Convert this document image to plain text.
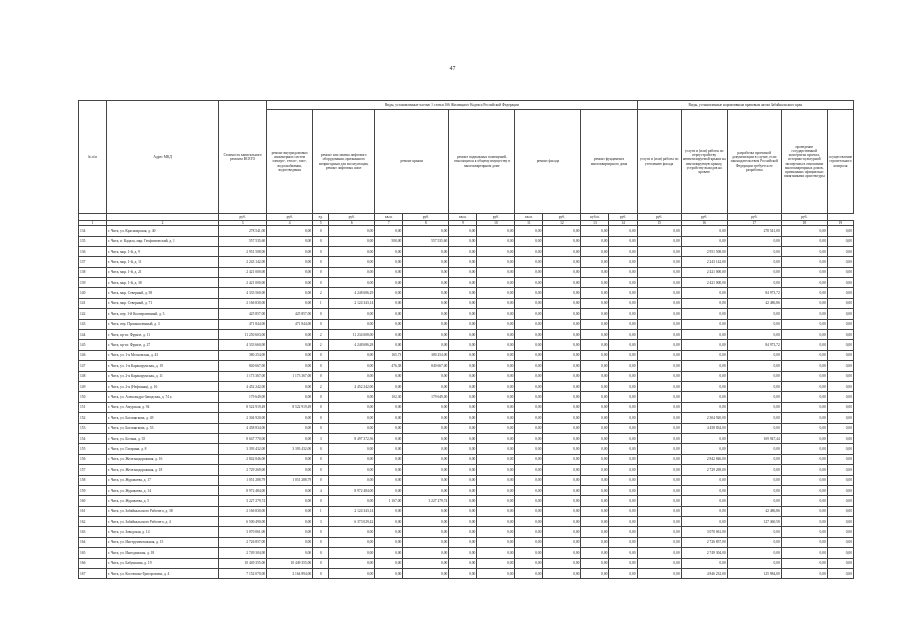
47
№ п/п	Адрес МКД	Стоимость капитального ремонта ВСЕГО	Виды, установленные частью 1 статьи 166 Жилищного Кодекса Российской Федерации											Виды, установленные нормативным правовым актом Забайкальского края				
			ремонт внутридомовых инженерных систем электро-, тепло-, газо-, водоснабжения, водоотведения	ремонт или замена лифтового оборудования, признанного непригодным для эксплуатации, ремонт лифтовых шахт		ремонт крыши		ремонт подвальных помещений, относящихся к общему имуществу в многоквартирном доме		ремонт фасада		ремонт фундамента многоквартирного дома		услуги и (или) работы по утеплению фасада	услуги и (или) работы по переустройству невентилируемой крыши на вентилируемую крышу, устройству выходов на кровлю	разработка проектной документации в случае, если законодательством Российской Федерации требуется ее разработка	проведение государственной экспертизы проекта, историко-культурной экспертизы в отношении многоквартирных домов, признанных официально памятниками архитектуры	осуществление строительного контроля
		руб.	руб.	ед.	руб.	кв.м.	руб.	кв.м.	руб.	кв.м.	руб.	куб.м.	руб.	руб.	руб.	руб.	руб.	
1	2	3	4	5	6	7	8	9	10	11	12	13	14	15	16	17	18	19
134	г. Чита, ул. Красноярская, д. 40	278 541,00	0,00	0	0,00	0,00	0,00	0,00	0,00	0,00	0,00	0,00	0,00	0,00	0,00	278 541,00	0,00	0,00
135	г. Чита, п. Кадала, мкр. Геофизический, д. 1	557 535,60	0,00	0	0,00	500,00	557 535,60	0,00	0,00	0,00	0,00	0,00	0,00	0,00	0,00	0,00	0,00	0,00
136	г. Чита, мкр. 1-й, д. 9	2 951 508,00	0,00	0	0,00	0,00	0,00	0,00	0,00	0,00	0,00	0,00	0,00	0,00	2 951 508,00	0,00	0,00	0,00
137	г. Чита, мкр. 1-й, д. 11	2 243 142,00	0,00	0	0,00	0,00	0,00	0,00	0,00	0,00	0,00	0,00	0,00	0,00	2 243 142,00	0,00	0,00	0,00
138	г. Чита, мкр. 1-й, д. 21	2 421 000,00	0,00	0	0,00	0,00	0,00	0,00	0,00	0,00	0,00	0,00	0,00	0,00	2 421 000,00	0,00	0,00	0,00
139	г. Чита, мкр. 1-й, д. 38	2 421 000,00	0,00	0	0,00	0,00	0,00	0,00	0,00	0,00	0,00	0,00	0,00	0,00	2 421 000,00	0,00	0,00	0,00
140	г. Чита, мкр. Северный, д. 58	4 333 560,00	0,00	2	4 248 686,29	0,00	0,00	0,00	0,00	0,00	0,00	0,00	0,00	0,00	0,00	84 973,72	0,00	0,00
141	г. Чита, мкр. Северный, д. 71	2 166 830,00	0,00	1	2 124 343,14	0,00	0,00	0,00	0,00	0,00	0,00	0,00	0,00	0,00	0,00	42 486,86	0,00	0,00
142	г. Чита, пер. 1-й Кооперативный, д. 3	425 857,00	425 857,00	0	0,00	0,00	0,00	0,00	0,00	0,00	0,00	0,00	0,00	0,00	0,00	0,00	0,00	0,00
143	г. Чита, пер. Промышленный, д. 3	471 844,00	471 844,00	0	0,00	0,00	0,00	0,00	0,00	0,00	0,00	0,00	0,00	0,00	0,00	0,00	0,00	0,00
144	г. Чита, пр-кт. Фрунзе, д. 11	11 250 603,00	0,00	2	11 234 608,00	0,00	0,00	0,00	0,00	0,00	0,00	0,00	0,00	0,00	0,00	0,00	0,00	0,00
145	г. Чита, пр-кт. Фрунзе, д. 27	4 333 660,00	0,00	2	4 248 686,28	0,00	0,00	0,00	0,00	0,00	0,00	0,00	0,00	0,00	0,00	84 973,72	0,00	0,00
146	г. Чита, ул. 1-я Московская, д. 43	380 254,00	0,00	0	0,00	165,73	380 254,00	0,00	0,00	0,00	0,00	0,00	0,00	0,00	0,00	0,00	0,00	0,00
147	г. Чита, ул. 1-я Каракорумская, д. 19	840 667,00	0,00	0	0,00	476,38	840 667,00	0,00	0,00	0,00	0,00	0,00	0,00	0,00	0,00	0,00	0,00	0,00
148	г. Чита, ул. 2-я Каракорумская, д. 11	1 173 367,00	1 173 367,00	0	0,00	0,00	0,00	0,00	0,00	0,00	0,00	0,00	0,00	0,00	0,00	0,00	0,00	0,00
149	г. Чита, ул. 2-я (Нефтяная), д. 16	4 452 242,00	0,00	2	4 452 242,00	0,00	0,00	0,00	0,00	0,00	0,00	0,00	0,00	0,00	0,00	0,00	0,00	0,00
150	г. Чита, ул. Александро-Заводская, д. 74 а	179 649,00	0,00	0	0,00	102,30	179 649,00	0,00	0,00	0,00	0,00	0,00	0,00	0,00	0,00	0,00	0,00	0,00
151	г. Чита, ул. Амурская, д. 94	8 522 919,49	8 522 919,49	0	0,00	0,00	0,00	0,00	0,00	0,00	0,00	0,00	0,00	0,00	0,00	0,00	0,00	0,00
152	г. Чита, ул. Богомягкова, д. 49	2 304 920,00	0,00	0	0,00	0,00	0,00	0,00	0,00	0,00	0,00	0,00	0,00	0,00	2 304 920,00	0,00	0,00	0,00
153	г. Чита, ул. Богомягкова, д. 53	4 458 834,00	0,00	0	0,00	0,00	0,00	0,00	0,00	0,00	0,00	0,00	0,00	0,00	4 458 834,00	0,00	0,00	0,00
154	г. Чита, ул. Ботина, д. 35	8 647 770,00	0,00	3	8 497 372,56	0,00	0,00	0,00	0,00	0,00	0,00	0,00	0,00	0,00	0,00	169 947,44	0,00	0,00
155	г. Чита, ул. Гагарина, д. 8	3 393 432,00	3 393 432,00	0	0,00	0,00	0,00	0,00	0,00	0,00	0,00	0,00	0,00	0,00	0,00	0,00	0,00	0,00
156	г. Чита, ул. Железнодорожная, д. 16	2 842 846,00	0,00	0	0,00	0,00	0,00	0,00	0,00	0,00	0,00	0,00	0,00	0,00	2 842 846,00	0,00	0,00	0,00
157	г. Чита, ул. Железнодорожная, д. 18	2 729 269,00	0,00	0	0,00	0,00	0,00	0,00	0,00	0,00	0,00	0,00	0,00	0,00	2 729 269,00	0,00	0,00	0,00
158	г. Чита, ул. Журавлева, д. 17	1 051 288,79	1 051 288,79	0	0,00	0,00	0,00	0,00	0,00	0,00	0,00	0,00	0,00	0,00	0,00	0,00	0,00	0,00
159	г. Чита, ул. Журавлева, д. 14	8 972 484,00	0,00	4	8 972 484,00	0,00	0,00	0,00	0,00	0,00	0,00	0,00	0,00	0,00	0,00	0,00	0,00	0,00
160	г. Чита, ул. Журавлева, д. 5	3 227 279,74	0,00	0	0,00	1 167,00	3 227 279,74	0,00	0,00	0,00	0,00	0,00	0,00	0,00	0,00	0,00	0,00	0,00
161	г. Чита, ул. Забайкальского Рабочего, д. 38	2 166 830,00	0,00	1	2 124 343,14	0,00	0,00	0,00	0,00	0,00	0,00	0,00	0,00	0,00	0,00	42 486,86	0,00	0,00
162	г. Чита, ул. Забайкальского Рабочего, д. 4	6 500 490,00	0,00	3	6 373 029,42	0,00	0,00	0,00	0,00	0,00	0,00	0,00	0,00	0,00	0,00	127 460,58	0,00	0,00
163	г. Чита, ул. Заводская, д. 14	3 070 061,00	0,00	0	0,00	0,00	0,00	0,00	0,00	0,00	0,00	0,00	0,00	0,00	3 070 061,00	0,00	0,00	0,00
164	г. Чита, ул. Инструментальная, д. 15	2 726 857,00	0,00	0	0,00	0,00	0,00	0,00	0,00	0,00	0,00	0,00	0,00	0,00	2 726 857,00	0,00	0,00	0,00
165	г. Чита, ул. Ингодинская, д. 18	2 749 304,00	0,00	0	0,00	0,00	0,00	0,00	0,00	0,00	0,00	0,00	0,00	0,00	2 749 304,00	0,00	0,00	0,00
166	г. Чита, ул. Бабушкина, д. 19	10 449 355,00	10 449 355,00	0	0,00	0,00	0,00	0,00	0,00	0,00	0,00	0,00	0,00	0,00	0,00	0,00	0,00	0,00
167	г. Чита, ул. Костюшко-Григоровича, д. 4	7 152 070,00	2 164 894,00	0	0,00	0,00	0,00	0,00	0,00	0,00	0,00	0,00	0,00	0,00	4 846 232,00	125 984,00	0,00	0,00
